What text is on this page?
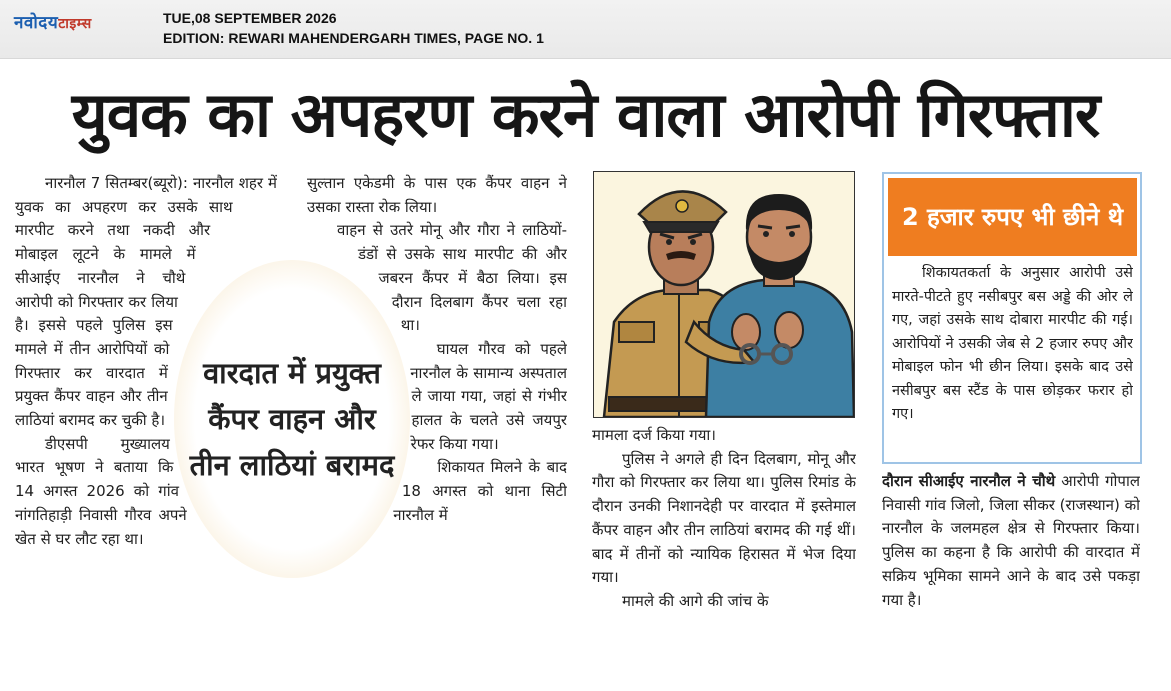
नवोदयटाइम्स	TUE,08 SEPTEMBER 2026
EDITION: REWARI MAHENDERGARH TIMES, PAGE NO. 1
युवक का अपहरण करने वाला आरोपी गिरफ्तार

नारनौल 7 सितम्बर(ब्यूरो): नारनौल शहर में युवक का अपहरण कर उसके साथ मारपीट करने तथा नकदी और मोबाइल लूटने के मामले में सीआईए नारनौल ने चौथे आरोपी को गिरफ्तार कर लिया है। इससे पहले पुलिस इस मामले में तीन आरोपियों को गिरफ्तार कर वारदात में प्रयुक्त कैंपर वाहन और तीन लाठियां बरामद कर चुकी है।

डीएसपी मुख्यालय भारत भूषण ने बताया कि 14 अगस्त 2026 को गांव नांगतिहाड़ी निवासी गौरव अपने खेत से घर लौट रहा था।

सुल्तान एकेडमी के पास एक कैंपर वाहन ने उसका रास्ता रोक लिया।

वाहन से उतरे मोनू और गौरा ने लाठियों-डंडों से उसके साथ मारपीट की और जबरन कैंपर में बैठा लिया। इस दौरान दिलबाग कैंपर चला रहा था।

घायल गौरव को पहले नारनौल के सामान्य अस्पताल ले जाया गया, जहां से गंभीर हालत के चलते उसे जयपुर रेफर किया गया।

शिकायत मिलने के बाद 18 अगस्त को थाना सिटी नारनौल में

वारदात में प्रयुक्त कैंपर वाहन और तीन लाठियां बरामद

मामला दर्ज किया गया।

पुलिस ने अगले ही दिन दिलबाग, मोनू और गौरा को गिरफ्तार कर लिया था। पुलिस रिमांड के दौरान उनकी निशानदेही पर वारदात में इस्तेमाल कैंपर वाहन और तीन लाठियां बरामद की गई थीं। बाद में तीनों को न्यायिक हिरासत में भेज दिया गया।

मामले की आगे की जांच के

2 हजार रुपए भी छीने थे

शिकायतकर्ता के अनुसार आरोपी उसे मारते-पीटते हुए नसीबपुर बस अड्डे की ओर ले गए, जहां उसके साथ दोबारा मारपीट की गई। आरोपियों ने उसकी जेब से 2 हजार रुपए और मोबाइल फोन भी छीन लिया। इसके बाद उसे नसीबपुर बस स्टैंड के पास छोड़कर फरार हो गए।

दौरान सीआईए नारनौल ने चौथे आरोपी गोपाल निवासी गांव जिलो, जिला सीकर (राजस्थान) को नारनौल के जलमहल क्षेत्र से गिरफ्तार किया। पुलिस का कहना है कि आरोपी की वारदात में सक्रिय भूमिका सामने आने के बाद उसे पकड़ा गया है।
